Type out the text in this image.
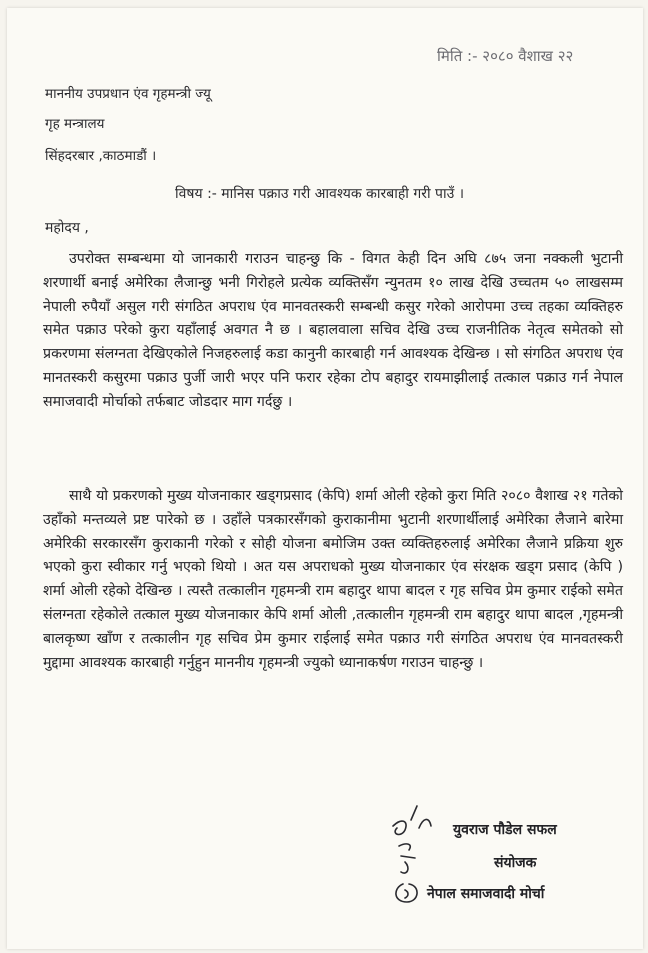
मिति :- २०८० वैशाख २२
माननीय उपप्रधान एंव गृहमन्त्री ज्यू
गृह मन्त्रालय
सिंहदरबार ,काठमाडौं ।
विषय :- मानिस पक्राउ गरी आवश्यक कारबाही गरी पाउँ ।
महोदय ,
उपरोक्त सम्बन्धमा यो जानकारी गराउन चाहन्छु कि - विगत केही दिन अघि ८७५ जना नक्कली भुटानी शरणार्थी बनाई अमेरिका लैजान्छु भनी गिरोहले प्रत्येक व्यक्तिसँग न्युनतम १० लाख देखि उच्चतम ५० लाखसम्म नेपाली रुपैयाँ असुल गरी संगठित अपराध एंव मानवतस्करी सम्बन्धी कसुर गरेको आरोपमा उच्च तहका व्यक्तिहरु समेत पक्राउ परेको कुरा यहाँलाई अवगत नै छ । बहालवाला सचिव देखि उच्च राजनीतिक नेतृत्व समेतको सो प्रकरणमा संलग्नता देखिएकोले निजहरुलाई कडा कानुनी कारबाही गर्न आवश्यक देखिन्छ । सो संगठित अपराध एंव मानतस्करी कसुरमा पक्राउ पुर्जी जारी भएर पनि फरार रहेका टोप बहादुर रायमाझीलाई तत्काल पक्राउ गर्न नेपाल समाजवादी मोर्चाको तर्फबाट जोडदार माग गर्दछु ।
साथै यो प्रकरणको मुख्य योजनाकार खड्गप्रसाद (केपि) शर्मा ओली रहेको कुरा मिति २०८० वैशाख २१ गतेको उहाँको मन्तव्यले प्रष्ट पारेको छ । उहाँले पत्रकारसँगको कुराकानीमा भुटानी शरणार्थीलाई अमेरिका लैजाने बारेमा अमेरिकी सरकारसँग कुराकानी गरेको र सोही योजना बमोजिम उक्त व्यक्तिहरुलाई अमेरिका लैजाने प्रक्रिया शुरु भएको कुरा स्वीकार गर्नु भएको थियो । अत यस अपराधको मुख्य योजनाकार एंव संरक्षक खड्ग प्रसाद (केपि ) शर्मा ओली रहेको देखिन्छ । त्यस्तै तत्कालीन गृहमन्त्री राम बहादुर थापा बादल र गृह सचिव प्रेम कुमार राईको समेत संलग्नता रहेकोले तत्काल मुख्य योजनाकार केपि शर्मा ओली ,तत्कालीन गृहमन्त्री राम बहादुर थापा बादल ,गृहमन्त्री बालकृष्ण खाँण र तत्कालीन गृह सचिव प्रेम कुमार राईलाई समेत पक्राउ गरी संगठित अपराध एंव मानवतस्करी मुद्दामा आवश्यक कारबाही गर्नुहुन माननीय गृहमन्त्री ज्युको ध्यानाकर्षण गराउन चाहन्छु ।
युवराज पौडेल सफल
संयोजक
नेपाल समाजवादी मोर्चा
